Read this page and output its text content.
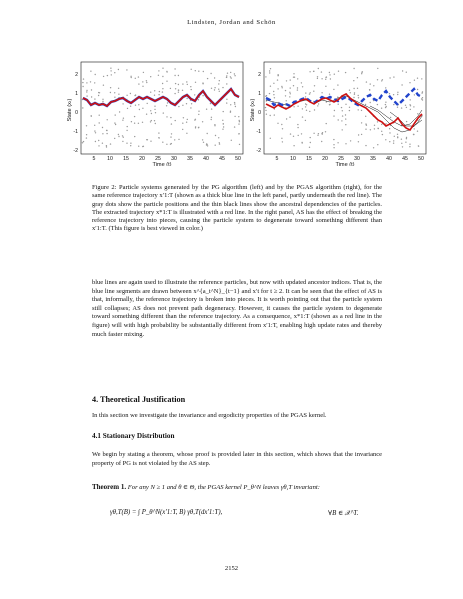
Lindsten, Jordan and Schön
2
1
0
-1
-2
5 10 15 20 25 30 35 40 45 50
Time (t)
State (xₜ)
2
1
0
-1
-2
5 10 15 20 25 30 35 40 45 50
Time (t)
State (xₜ)
Figure 2: Particle systems generated by the PG algorithm (left) and by the PGAS algorithm (right), for the same reference trajectory x′1:T (shown as a thick blue line in the left panel, partly underneath the red line). The gray dots show the particle positions and the thin black lines show the ancestral dependencies of the particles. The extracted trajectory x*1:T is illustrated with a red line. In the right panel, AS has the effect of breaking the reference trajectory into pieces, causing the particle system to degenerate toward something different than x′1:T. (This figure is best viewed in color.)
blue lines are again used to illustrate the reference particles, but now with updated ancestor indices. That is, the blue line segments are drawn between x^{a_t^N}_{t−1} and x′t for t ≥ 2. It can be seen that the effect of AS is that, informally, the reference trajectory is broken into pieces. It is worth pointing out that the particle system still collapses; AS does not prevent path degeneracy. However, it causes the particle system to degenerate toward something different than the reference trajectory. As a consequence, x*1:T (shown as a red line in the figure) will with high probability be substantially different from x′1:T, enabling high update rates and thereby much faster mixing.
4. Theoretical Justification
In this section we investigate the invariance and ergodicity properties of the PGAS kernel.
4.1 Stationary Distribution
We begin by stating a theorem, whose proof is provided later in this section, which shows that the invariance property of PG is not violated by the AS step.
Theorem 1. For any N ≥ 1 and θ ∈ Θ, the PGAS kernel P_θ^N leaves γθ,T invariant:
γθ,T(B) = ∫ P_θ^N(x′1:T, B) γθ,T(dx′1:T),	∀B ∈ 𝒳^T.
2152
